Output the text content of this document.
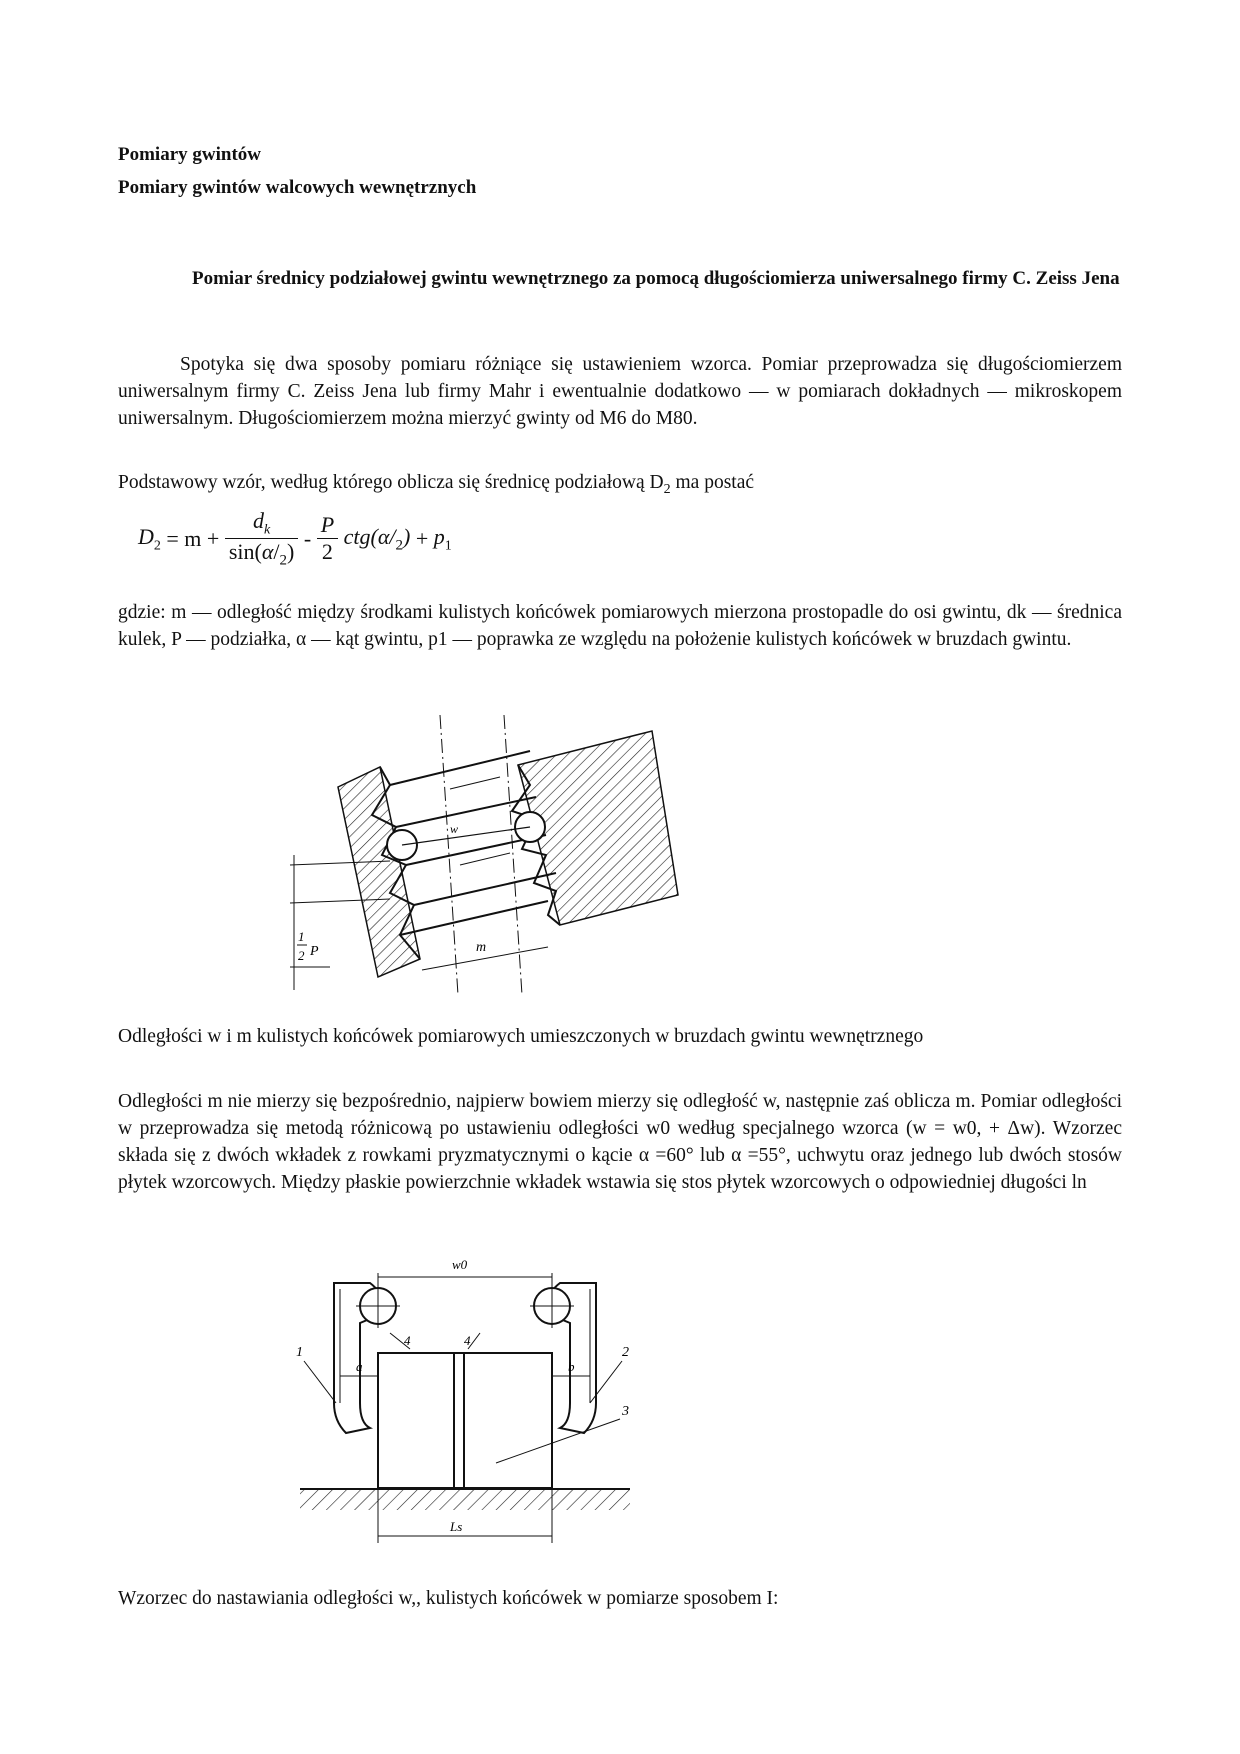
Pomiary gwintów
Pomiary gwintów walcowych wewnętrznych
Pomiar średnicy podziałowej gwintu wewnętrznego za pomocą długościomierza uniwersalnego firmy C. Zeiss Jena
Spotyka się dwa sposoby pomiaru różniące się ustawieniem wzorca. Pomiar przeprowadza się długościomierzem uniwersalnym firmy C. Zeiss Jena lub firmy Mahr i ewentualnie dodatkowo — w pomiarach dokładnych — mikroskopem uniwersalnym. Długościomierzem można mierzyć gwinty od M6 do M80.
Podstawowy wzór, według którego oblicza się średnicę podziałową $D_2$ ma postać
$D_2 = m + \frac{d_k}{\sin(\alpha/_2)} - \frac{P}{2} ctg(\alpha/_2) + p_1$
gdzie: m — odległość między środkami kulistych końcówek pomiarowych mierzona prostopadle do osi gwintu, dk — średnica kulek, P — podziałka, α — kąt gwintu, p1 — poprawka ze względu na położenie kulistych końcówek w bruzdach gwintu.
m
w
1
2 P
Odległości w i m kulistych końcówek pomiarowych umieszczonych w bruzdach gwintu wewnętrznego
Odległości m nie mierzy się bezpośrednio, najpierw bowiem mierzy się odległość w, następnie zaś oblicza m. Pomiar odległości w przeprowadza się metodą różnicową po ustawieniu odległości w0 według specjalnego wzorca (w = w0, + Δw). Wzorzec składa się z dwóch wkładek z rowkami pryzmatycznymi o kącie α =60° lub α =55°, uchwytu oraz jednego lub dwóch stosów płytek wzorcowych. Między płaskie powierzchnie wkładek wstawia się stos płytek wzorcowych o odpowiedniej długości ln
w0
a	b
4	4
1	2
3
Ls
Wzorzec do nastawiania odległości w,, kulistych końcówek w pomiarze sposobem I:
